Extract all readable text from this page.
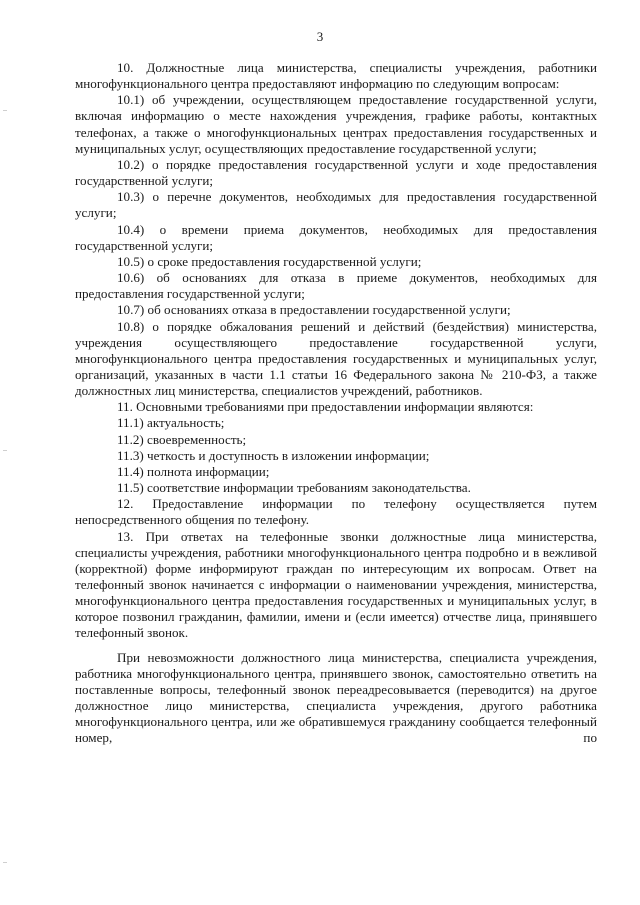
3

10. Должностные лица министерства, специалисты учреждения, работники многофункционального центра предоставляют информацию по следующим вопросам:

10.1) об учреждении, осуществляющем предоставление государственной услуги, включая информацию о месте нахождения учреждения, графике работы, контактных телефонах, а также о многофункциональных центрах предоставления государственных и муниципальных услуг, осуществляющих предоставление государственной услуги;

10.2) о порядке предоставления государственной услуги и ходе предоставления государственной услуги;

10.3) о перечне документов, необходимых для предоставления государственной услуги;

10.4) о времени приема документов, необходимых для предоставления государственной услуги;

10.5) о сроке предоставления государственной услуги;

10.6) об основаниях для отказа в приеме документов, необходимых для предоставления государственной услуги;

10.7) об основаниях отказа в предоставлении государственной услуги;

10.8) о порядке обжалования решений и действий (бездействия) министерства, учреждения осуществляющего предоставление государственной услуги, многофункционального центра предоставления государственных и муниципальных услуг, организаций, указанных в части 1.1 статьи 16 Федерального закона № 210-ФЗ, а также должностных лиц министерства, специалистов учреждений, работников.

11. Основными требованиями при предоставлении информации являются:

11.1) актуальность;

11.2) своевременность;

11.3) четкость и доступность в изложении информации;

11.4) полнота информации;

11.5) соответствие информации требованиям законодательства.

12. Предоставление информации по телефону осуществляется путем непосредственного общения по телефону.

13. При ответах на телефонные звонки должностные лица министерства, специалисты учреждения, работники многофункционального центра подробно и в вежливой (корректной) форме информируют граждан по интересующим их вопросам. Ответ на телефонный звонок начинается с информации о наименовании учреждения, министерства, многофункционального центра предоставления государственных и муниципальных услуг, в которое позвонил гражданин, фамилии, имени и (если имеется) отчестве лица, принявшего телефонный звонок.

При невозможности должностного лица министерства, специалиста учреждения, работника многофункционального центра, принявшего звонок, самостоятельно ответить на поставленные вопросы, телефонный звонок переадресовывается (переводится) на другое должностное лицо министерства, специалиста учреждения, другого работника многофункционального центра, или же обратившемуся гражданину сообщается телефонный номер, по
